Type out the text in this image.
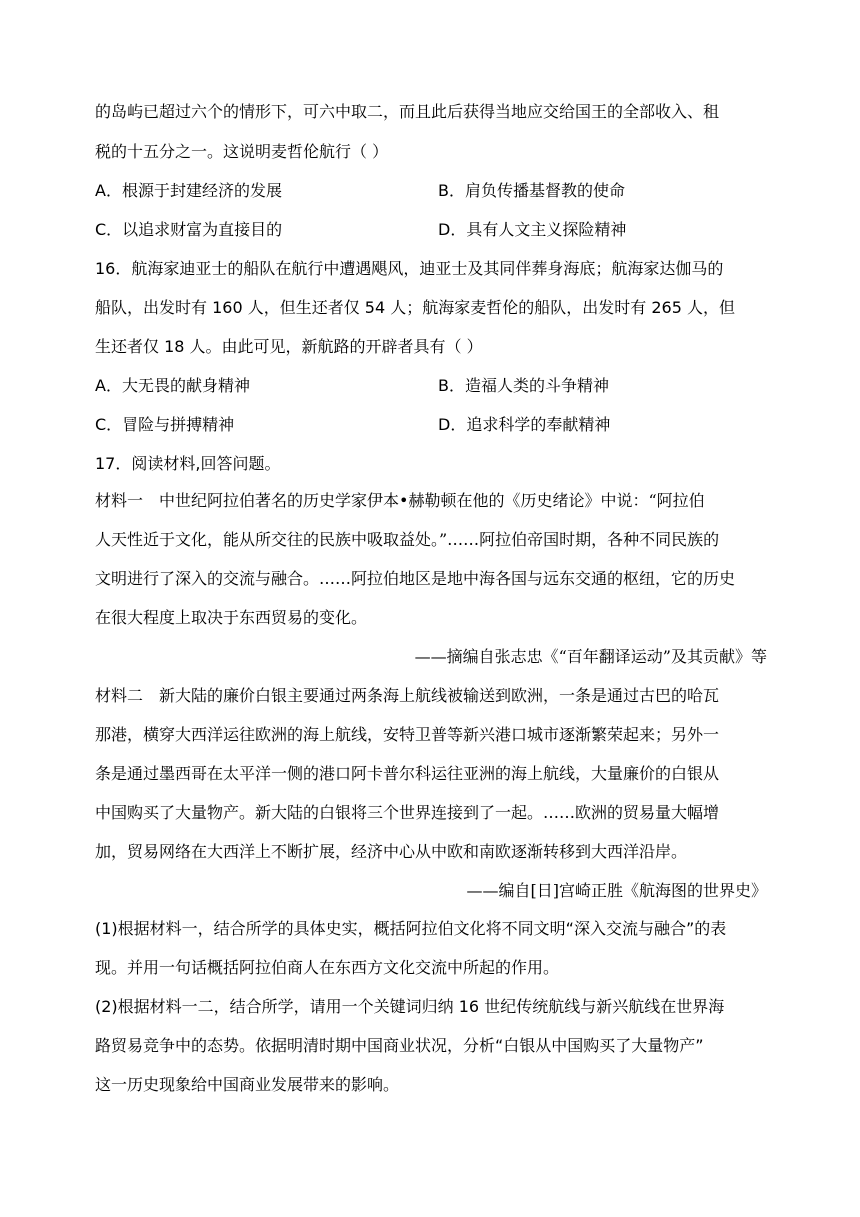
的岛屿已超过六个的情形下，可六中取二，而且此后获得当地应交给国王的全部收入、租
税的十五分之一。这说明麦哲伦航行（ ）
A．根源于封建经济的发展	B．肩负传播基督教的使命
C．以追求财富为直接目的	D．具有人文主义探险精神
16．航海家迪亚士的船队在航行中遭遇飓风，迪亚士及其同伴葬身海底；航海家达伽马的
船队，出发时有 160 人，但生还者仅 54 人；航海家麦哲伦的船队，出发时有 265 人，但
生还者仅 18 人。由此可见，新航路的开辟者具有（ ）
A．大无畏的献身精神	B．造福人类的斗争精神
C．冒险与拼搏精神	D．追求科学的奉献精神
17．阅读材料,回答问题。
材料一　中世纪阿拉伯著名的历史学家伊本•赫勒顿在他的《历史绪论》中说：“阿拉伯
人天性近于文化，能从所交往的民族中吸取益处。”……阿拉伯帝国时期，各种不同民族的
文明进行了深入的交流与融合。……阿拉伯地区是地中海各国与远东交通的枢纽，它的历史
在很大程度上取决于东西贸易的变化。
——摘编自张志忠《“百年翻译运动”及其贡献》等
材料二　新大陆的廉价白银主要通过两条海上航线被输送到欧洲，一条是通过古巴的哈瓦
那港，横穿大西洋运往欧洲的海上航线，安特卫普等新兴港口城市逐渐繁荣起来；另外一
条是通过墨西哥在太平洋一侧的港口阿卡普尔科运往亚洲的海上航线，大量廉价的白银从
中国购买了大量物产。新大陆的白银将三个世界连接到了一起。……欧洲的贸易量大幅增
加，贸易网络在大西洋上不断扩展，经济中心从中欧和南欧逐渐转移到大西洋沿岸。
——编自[日]宫崎正胜《航海图的世界史》
(1)根据材料一，结合所学的具体史实，概括阿拉伯文化将不同文明“深入交流与融合”的表
现。并用一句话概括阿拉伯商人在东西方文化交流中所起的作用。
(2)根据材料一二，结合所学，请用一个关键词归纳 16 世纪传统航线与新兴航线在世界海
路贸易竞争中的态势。依据明清时期中国商业状况，分析“白银从中国购买了大量物产”
这一历史现象给中国商业发展带来的影响。
